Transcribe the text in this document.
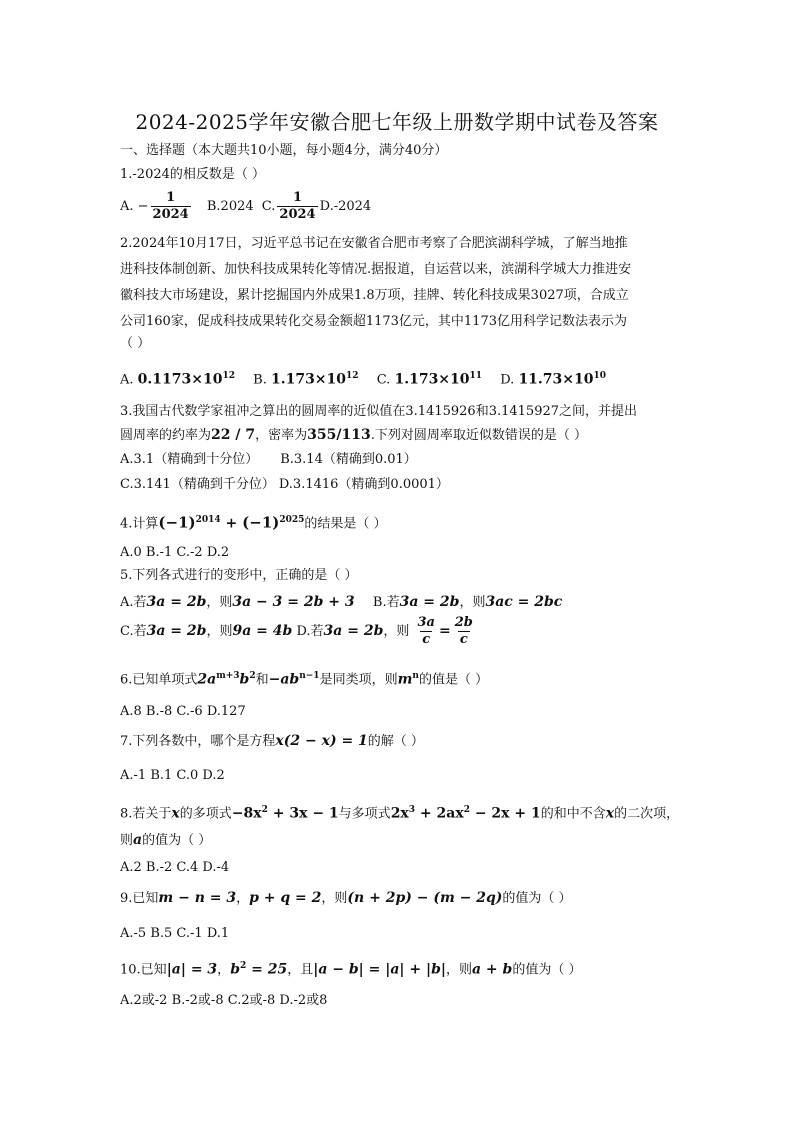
2024-2025学年安徽合肥七年级上册数学期中试卷及答案
一、选择题（本大题共10小题，每小题4分，满分40分）
1.-2024的相反数是（ ）
A. − $\frac{1}{2024} B.2024$ C. $\frac{1}{2024} D.-2024$
2.2024年10月17日，习近平总书记在安徽省合肥市考察了合肥滨湖科学城，了解当地推
进科技体制创新、加快科技成果转化等情况.据报道，自运营以来，滨湖科学城大力推进安
徽科技大市场建设，累计挖掘国内外成果1.8万项，挂牌、转化科技成果3027项，合成立
公司160家，促成科技成果转化交易金额超1173亿元，其中1173亿用科学记数法表示为
（ ）
A. $0.1173\times 10^{12}$ B. $1.173\times 10^{12}$ C. $1.173\times 10^{11}$ D. $11.73\times 10^{10}$
3.我国古代数学家祖冲之算出的圆周率的近似值在3.1415926和3.1415927之间，并提出
圆周率的约率为22 / 7，密率为355/113.下列对圆周率取近似数错误的是（ ）
A.3.1（精确到十分位） B.3.14（精确到0.01）
C.3.141（精确到千分位） D.3.1416（精确到0.0001）
4.计算$(-1)^{2014} + (-1)^{2025}$的结果是（ ）
A.0 B.-1 C.-2 D.2
5.下列各式进行的变形中，正确的是（ ）
A.若3a = 2b，则3a − 3 = 2b + 3 B.若3a = 2b，则3ac = 2bc
C.若3a = 2b，则9a = 4b D.若3a = 2b，则 $\frac{3a}{c} = \frac{2b}{c}$
6.已知单项式$2a^{m+3}b^2$和$-ab^{n-1}$是同类项，则$m^n$的值是（ ）
A.8 B.-8 C.-6 D.127
7.下列各数中，哪个是方程x(2 − x) = 1的解（ ）
A.-1 B.1 C.0 D.2
8.若关于x的多项式$-8x^2 + 3x - 1$与多项式$2x^3 + 2ax^2 - 2x + 1$的和中不含x的二次项，
则a的值为（ ）
A.2 B.-2 C.4 D.-4
9.已知m − n = 3，p + q = 2，则(n + 2p) − (m − 2q)的值为（ ）
A.-5 B.5 C.-1 D.1
10.已知|a| = 3，$b^2 = 25$，且|a − b| = |a| + |b|，则a + b的值为（ ）
A.2或-2 B.-2或-8 C.2或-8 D.-2或8
